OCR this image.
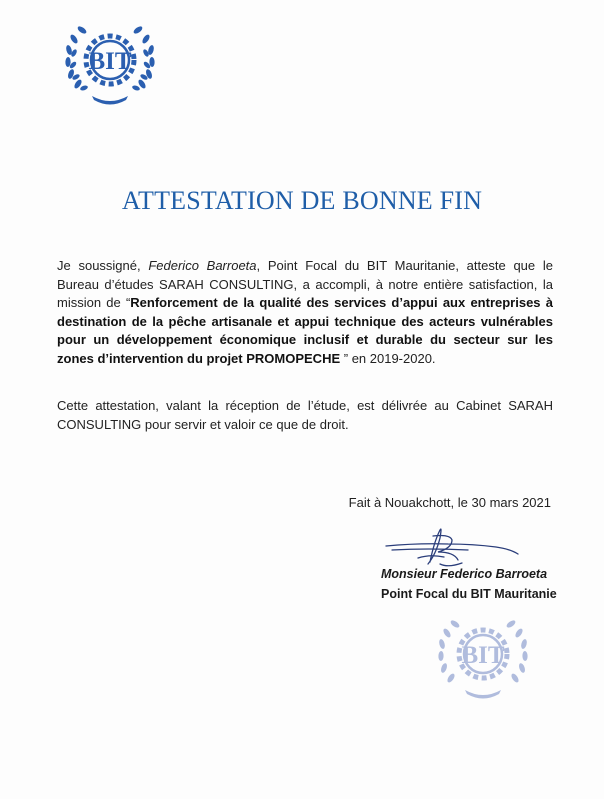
BIT
ATTESTATION DE BONNE FIN
Je soussigné, Federico Barroeta, Point Focal du BIT Mauritanie, atteste que le Bureau d’études SARAH CONSULTING, a accompli, à notre entière satisfaction, la mission de “Renforcement de la qualité des services d’appui aux entreprises à destination de la pêche artisanale et appui technique des acteurs vulnérables pour un développement économique inclusif et durable du secteur sur les zones d’intervention du projet PROMOPECHE ” en 2019-2020.
Cette attestation, valant la réception de l’étude, est délivrée au Cabinet SARAH CONSULTING pour servir et valoir ce que de droit.
Fait à Nouakchott, le 30 mars 2021
Monsieur Federico Barroeta
Point Focal du BIT Mauritanie
BIT
